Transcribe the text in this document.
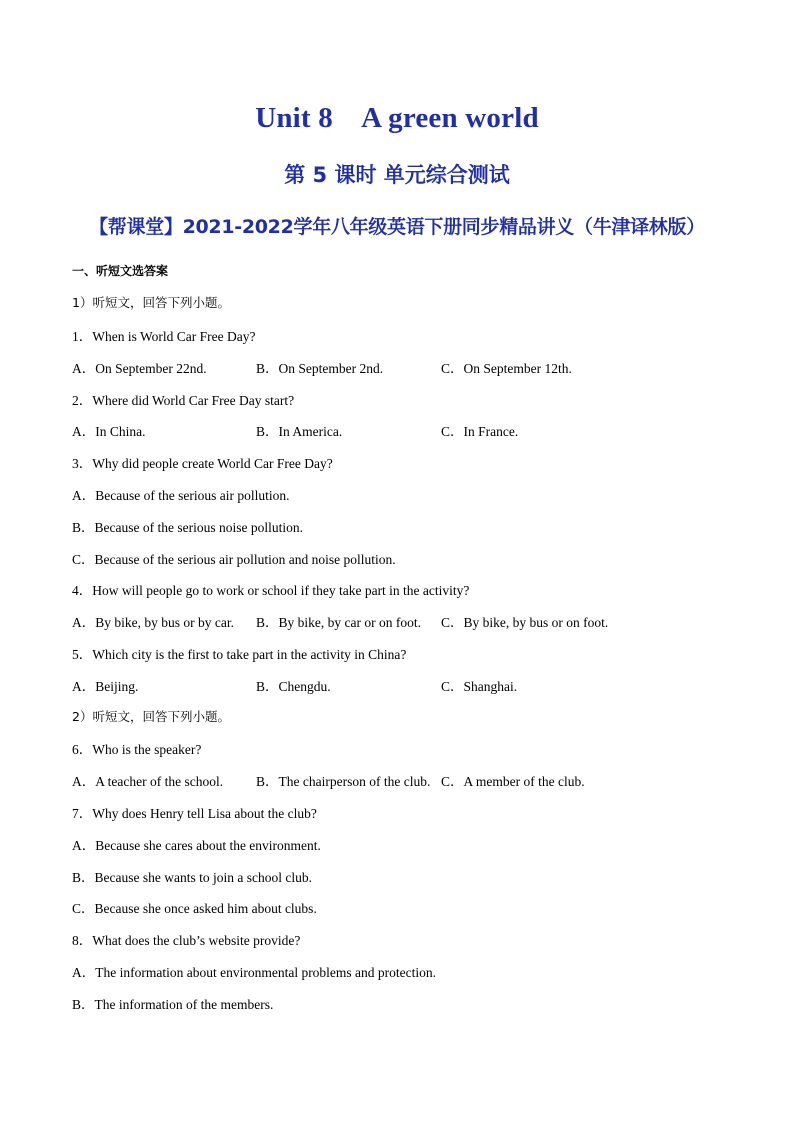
Unit 8    A green world
第 5 课时 单元综合测试
【帮课堂】2021-2022学年八年级英语下册同步精品讲义（牛津译林版）
一、听短文选答案
1）听短文，回答下列小题。
1．When is World Car Free Day?
A．On September 22nd.	B．On September 2nd.	C．On September 12th.
2．Where did World Car Free Day start?
A．In China.	B．In America.	C．In France.
3．Why did people create World Car Free Day?
A．Because of the serious air pollution.
B．Because of the serious noise pollution.
C．Because of the serious air pollution and noise pollution.
4．How will people go to work or school if they take part in the activity?
A．By bike, by bus or by car. B．By bike, by car or on foot. C．By bike, by bus or on foot.
5．Which city is the first to take part in the activity in China?
A．Beijing.	B．Chengdu.	C．Shanghai.
2）听短文，回答下列小题。
6．Who is the speaker?
A．A teacher of the school. B．The chairperson of the club. C．A member of the club.
7．Why does Henry tell Lisa about the club?
A．Because she cares about the environment.
B．Because she wants to join a school club.
C．Because she once asked him about clubs.
8．What does the club’s website provide?
A．The information about environmental problems and protection.
B．The information of the members.
